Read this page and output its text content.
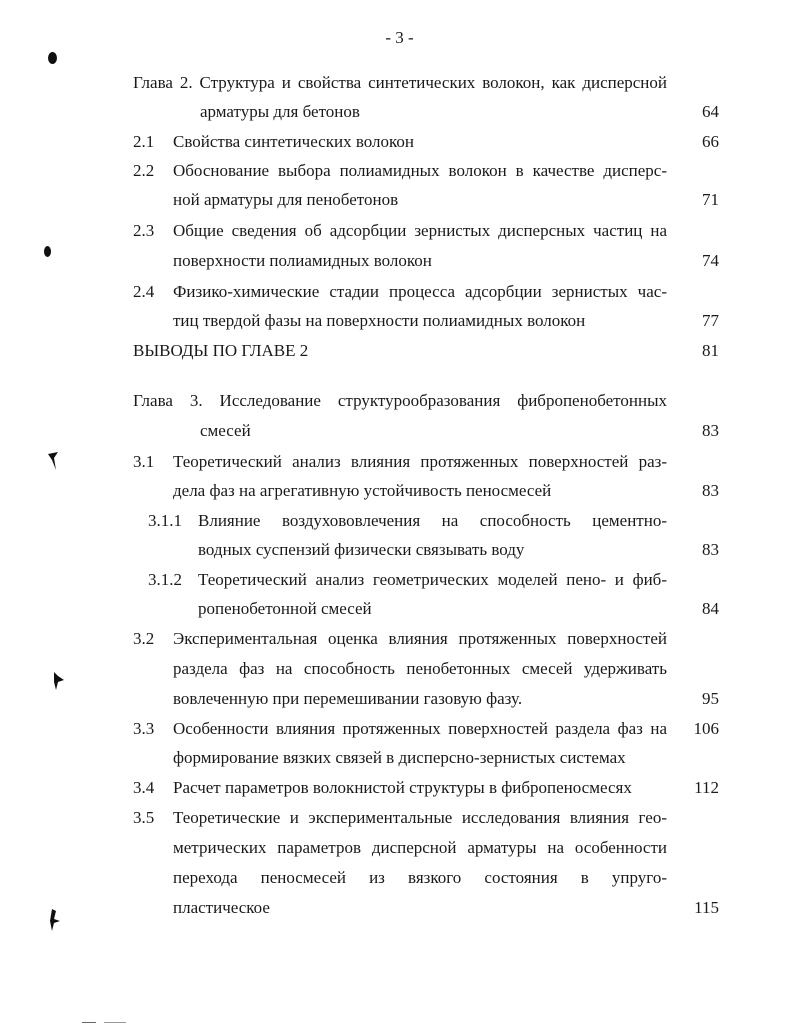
- 3 -
Глава 2. Структура и свойства синтетических волокон, как дисперсной
арматуры для бетонов	64
2.1 Свойства синтетических волокон	66
2.2 Обоснование выбора полиамидных волокон в качестве дисперс-
ной арматуры для пенобетонов	71
2.3 Общие сведения об адсорбции зернистых дисперсных частиц на
поверхности полиамидных волокон	74
2.4 Физико-химические стадии процесса адсорбции зернистых час-
тиц твердой фазы на поверхности полиамидных волокон	77
ВЫВОДЫ ПО ГЛАВЕ 2	81
Глава 3. Исследование структурообразования фибропенобетонных
смесей	83
3.1 Теоретический анализ влияния протяженных поверхностей раз-
дела фаз на агрегативную устойчивость пеносмесей	83
3.1.1 Влияние воздухововлечения на способность цементно-
водных суспензий физически связывать воду	83
3.1.2 Теоретический анализ геометрических моделей пено- и фиб-
ропенобетонной смесей	84
3.2 Экспериментальная оценка влияния протяженных поверхностей
раздела фаз на способность пенобетонных смесей удерживать
вовлеченную при перемешивании газовую фазу.	95
3.3 Особенности влияния протяженных поверхностей раздела фаз на
формирование вязких связей в дисперсно-зернистых системах
106
3.4 Расчет параметров волокнистой структуры в фибропеносмесях	112
3.5 Теоретические и экспериментальные исследования влияния гео-
метрических параметров дисперсной арматуры на особенности
перехода пеносмесей из вязкого состояния в упруго-
пластическое	115
